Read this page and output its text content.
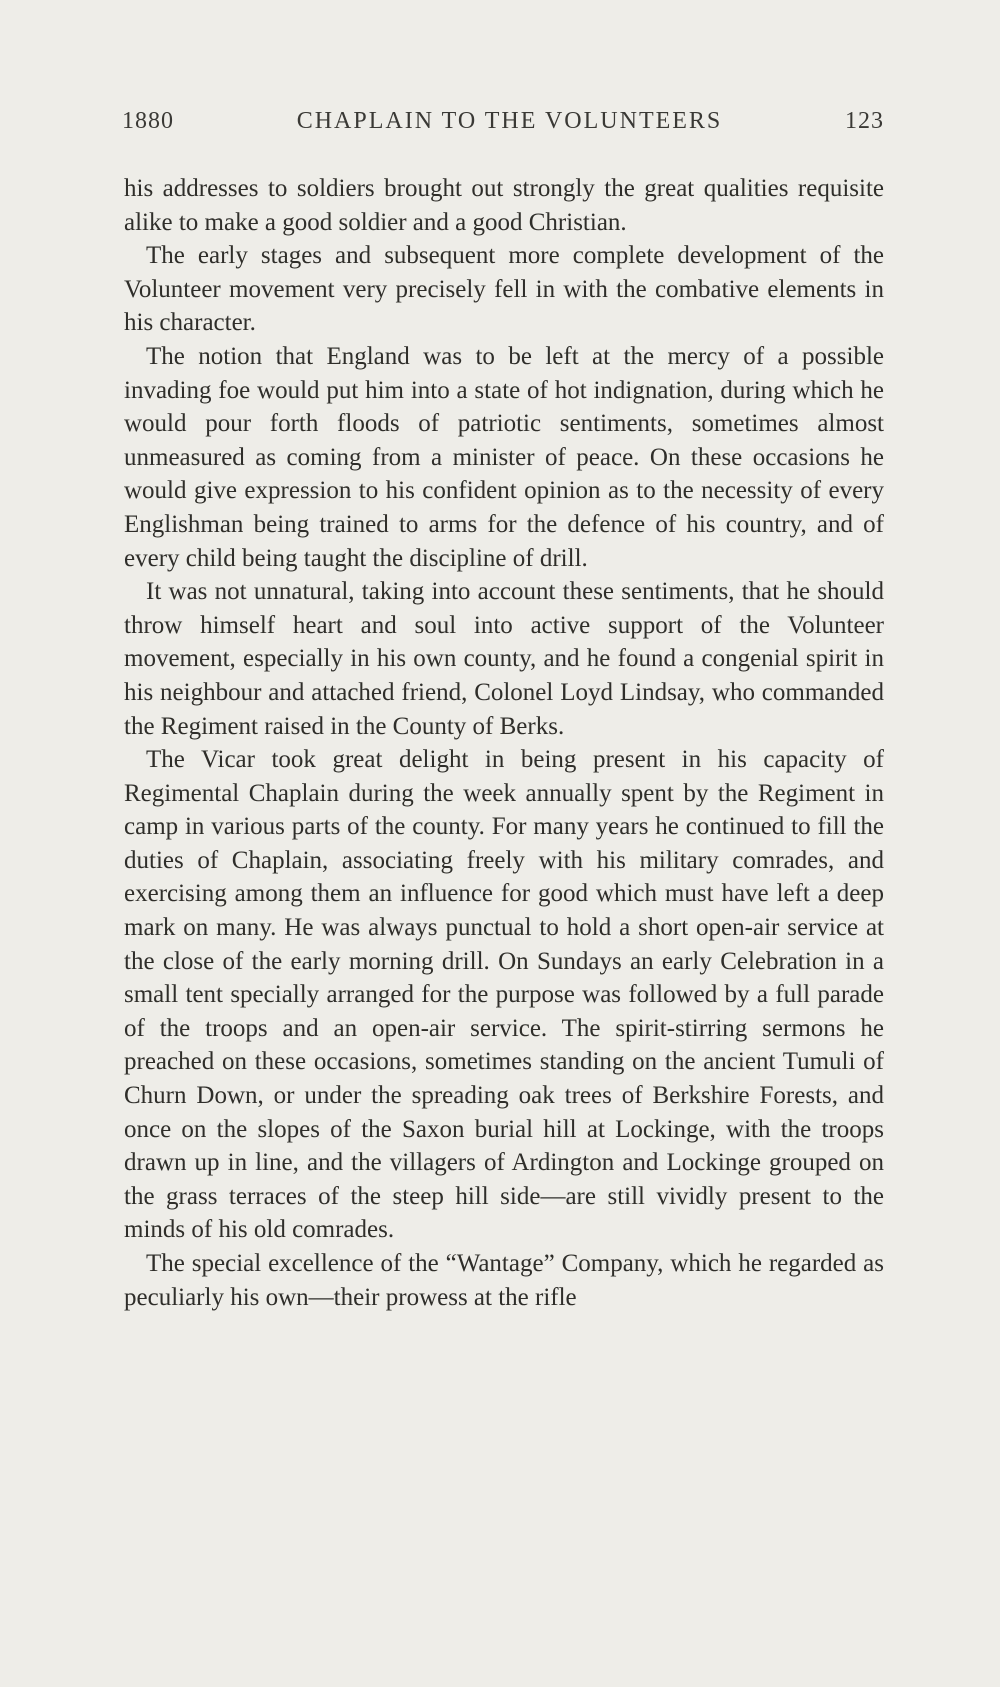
1880	CHAPLAIN TO THE VOLUNTEERS	123

his addresses to soldiers brought out strongly the great qualities requisite alike to make a good soldier and a good Christian.

The early stages and subsequent more complete development of the Volunteer movement very precisely fell in with the combative elements in his character.

The notion that England was to be left at the mercy of a possible invading foe would put him into a state of hot indignation, during which he would pour forth floods of patriotic sentiments, sometimes almost unmeasured as coming from a minister of peace. On these occasions he would give expression to his confident opinion as to the necessity of every Englishman being trained to arms for the defence of his country, and of every child being taught the discipline of drill.

It was not unnatural, taking into account these sentiments, that he should throw himself heart and soul into active support of the Volunteer movement, especially in his own county, and he found a congenial spirit in his neighbour and attached friend, Colonel Loyd Lindsay, who commanded the Regiment raised in the County of Berks.

The Vicar took great delight in being present in his capacity of Regimental Chaplain during the week annually spent by the Regiment in camp in various parts of the county. For many years he continued to fill the duties of Chaplain, associating freely with his military comrades, and exercising among them an influence for good which must have left a deep mark on many. He was always punctual to hold a short open-air service at the close of the early morning drill. On Sundays an early Celebration in a small tent specially arranged for the purpose was followed by a full parade of the troops and an open-air service. The spirit-stirring sermons he preached on these occasions, sometimes standing on the ancient Tumuli of Churn Down, or under the spreading oak trees of Berkshire Forests, and once on the slopes of the Saxon burial hill at Lockinge, with the troops drawn up in line, and the villagers of Ardington and Lockinge grouped on the grass terraces of the steep hill side—are still vividly present to the minds of his old comrades.

The special excellence of the “Wantage” Company, which he regarded as peculiarly his own—their prowess at the rifle
